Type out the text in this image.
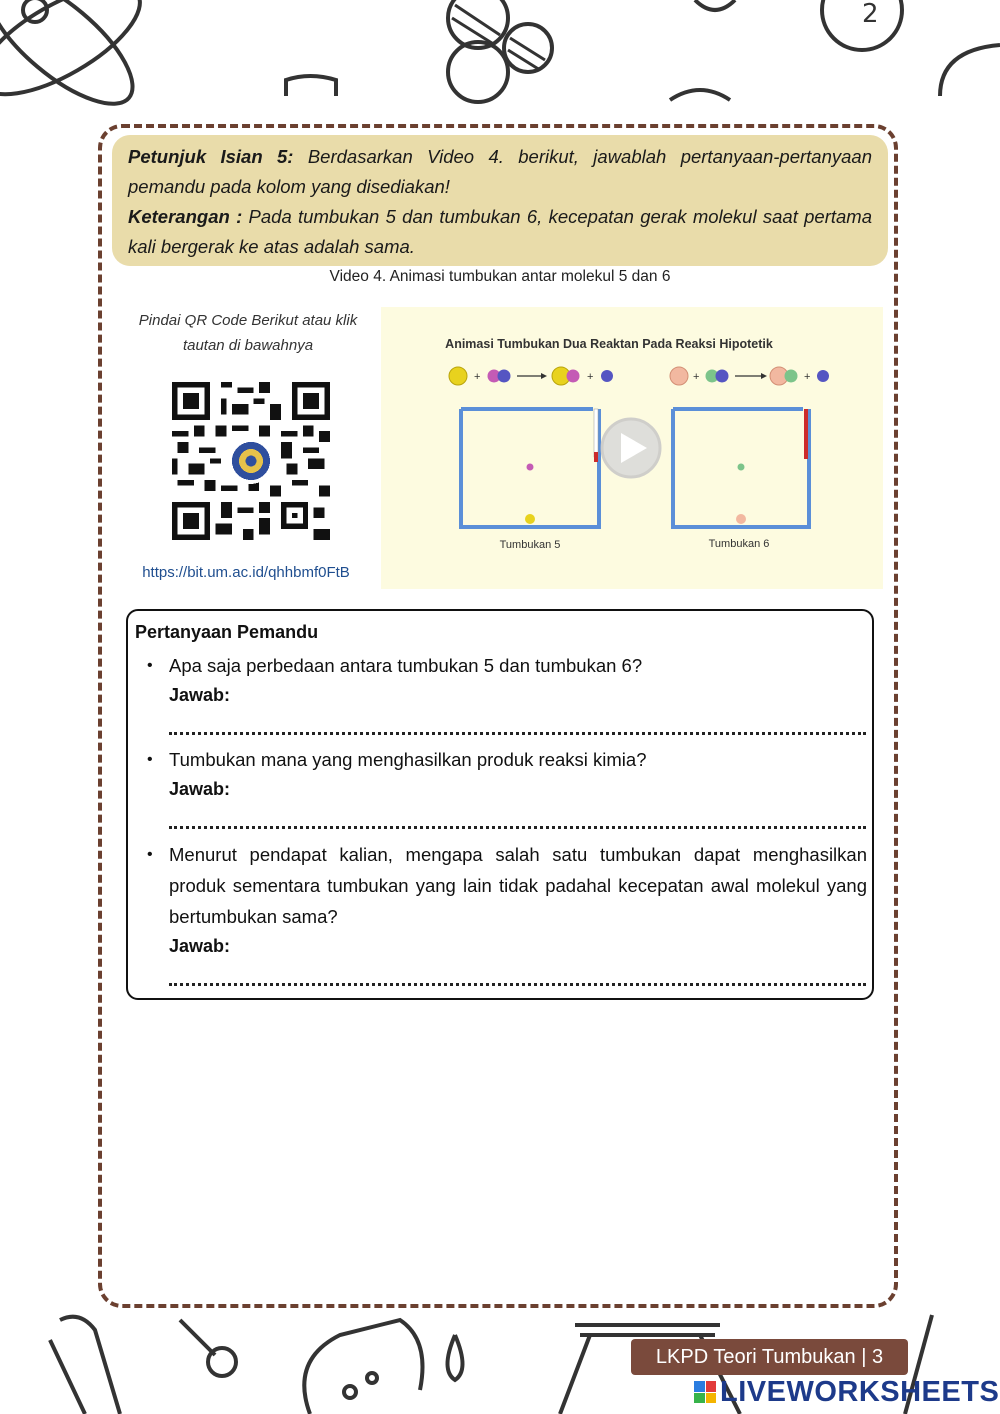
2

Petunjuk Isian 5: Berdasarkan Video 4. berikut, jawablah pertanyaan-pertanyaan pemandu pada kolom yang disediakan!

Keterangan : Pada tumbukan 5 dan tumbukan 6, kecepatan gerak molekul saat pertama kali bergerak ke atas adalah sama.

Video 4. Animasi tumbukan antar molekul 5 dan 6
Pindai QR Code Berikut atau klik tautan di bawahnya
https://bit.um.ac.id/qhhbmf0FtB
Animasi Tumbukan Dua Reaktan Pada Reaksi Hipotetik
+	+	+	+
Tumbukan 5	Tumbukan 6
Pertanyaan Pemandu
• Apa saja perbedaan antara tumbukan 5 dan tumbukan 6?
Jawab:
• Tumbukan mana yang menghasilkan produk reaksi kimia?
Jawab:
• Menurut pendapat kalian, mengapa salah satu tumbukan dapat menghasilkan produk sementara tumbukan yang lain tidak padahal kecepatan awal molekul yang bertumbukan sama?
Jawab:
LKPD Teori Tumbukan | 3
LIVEWORKSHEETS
